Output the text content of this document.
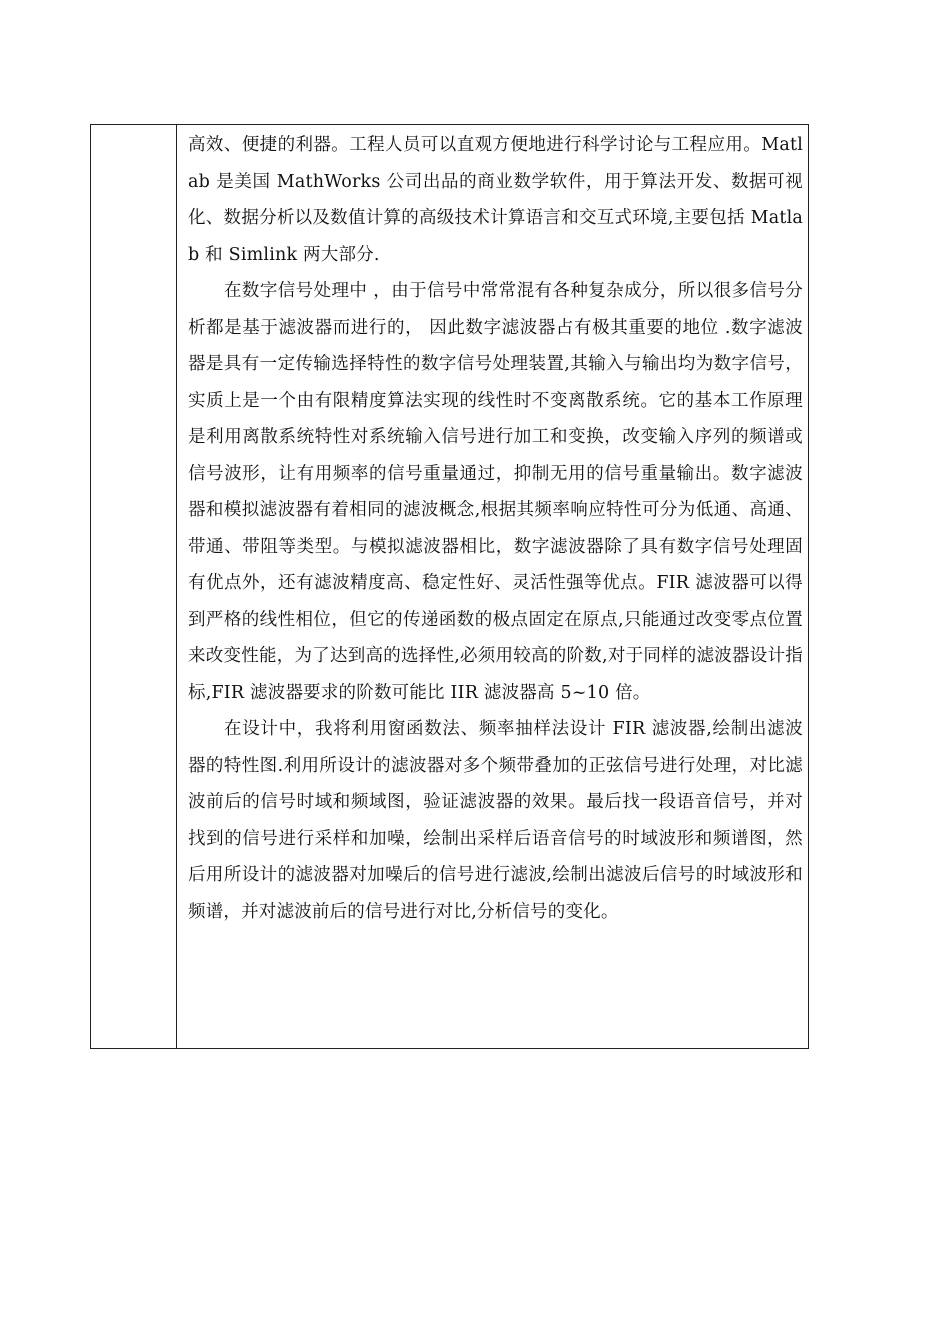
高效、便捷的利器。工程人员可以直观方便地进行科学讨论与工程应用。Matlab 是美国 MathWorks 公司出品的商业数学软件，用于算法开发、数据可视化、数据分析以及数值计算的高级技术计算语言和交互式环境,主要包括 Matlab 和 Simlink 两大部分.

在数字信号处理中 ，由于信号中常常混有各种复杂成分，所以很多信号分析都是基于滤波器而进行的， 因此数字滤波器占有极其重要的地位 .数字滤波器是具有一定传输选择特性的数字信号处理装置,其输入与输出均为数字信号，实质上是一个由有限精度算法实现的线性时不变离散系统。它的基本工作原理是利用离散系统特性对系统输入信号进行加工和变换，改变输入序列的频谱或信号波形，让有用频率的信号重量通过，抑制无用的信号重量输出。数字滤波器和模拟滤波器有着相同的滤波概念,根据其频率响应特性可分为低通、高通、带通、带阻等类型。与模拟滤波器相比，数字滤波器除了具有数字信号处理固有优点外，还有滤波精度高、稳定性好、灵活性强等优点。FIR 滤波器可以得到严格的线性相位，但它的传递函数的极点固定在原点,只能通过改变零点位置来改变性能，为了达到高的选择性,必须用较高的阶数,对于同样的滤波器设计指标,FIR 滤波器要求的阶数可能比 IIR 滤波器高 5~10 倍。

在设计中，我将利用窗函数法、频率抽样法设计 FIR 滤波器,绘制出滤波器的特性图.利用所设计的滤波器对多个频带叠加的正弦信号进行处理，对比滤波前后的信号时域和频域图，验证滤波器的效果。最后找一段语音信号，并对找到的信号进行采样和加噪，绘制出采样后语音信号的时域波形和频谱图，然后用所设计的滤波器对加噪后的信号进行滤波,绘制出滤波后信号的时域波形和频谱，并对滤波前后的信号进行对比,分析信号的变化。
